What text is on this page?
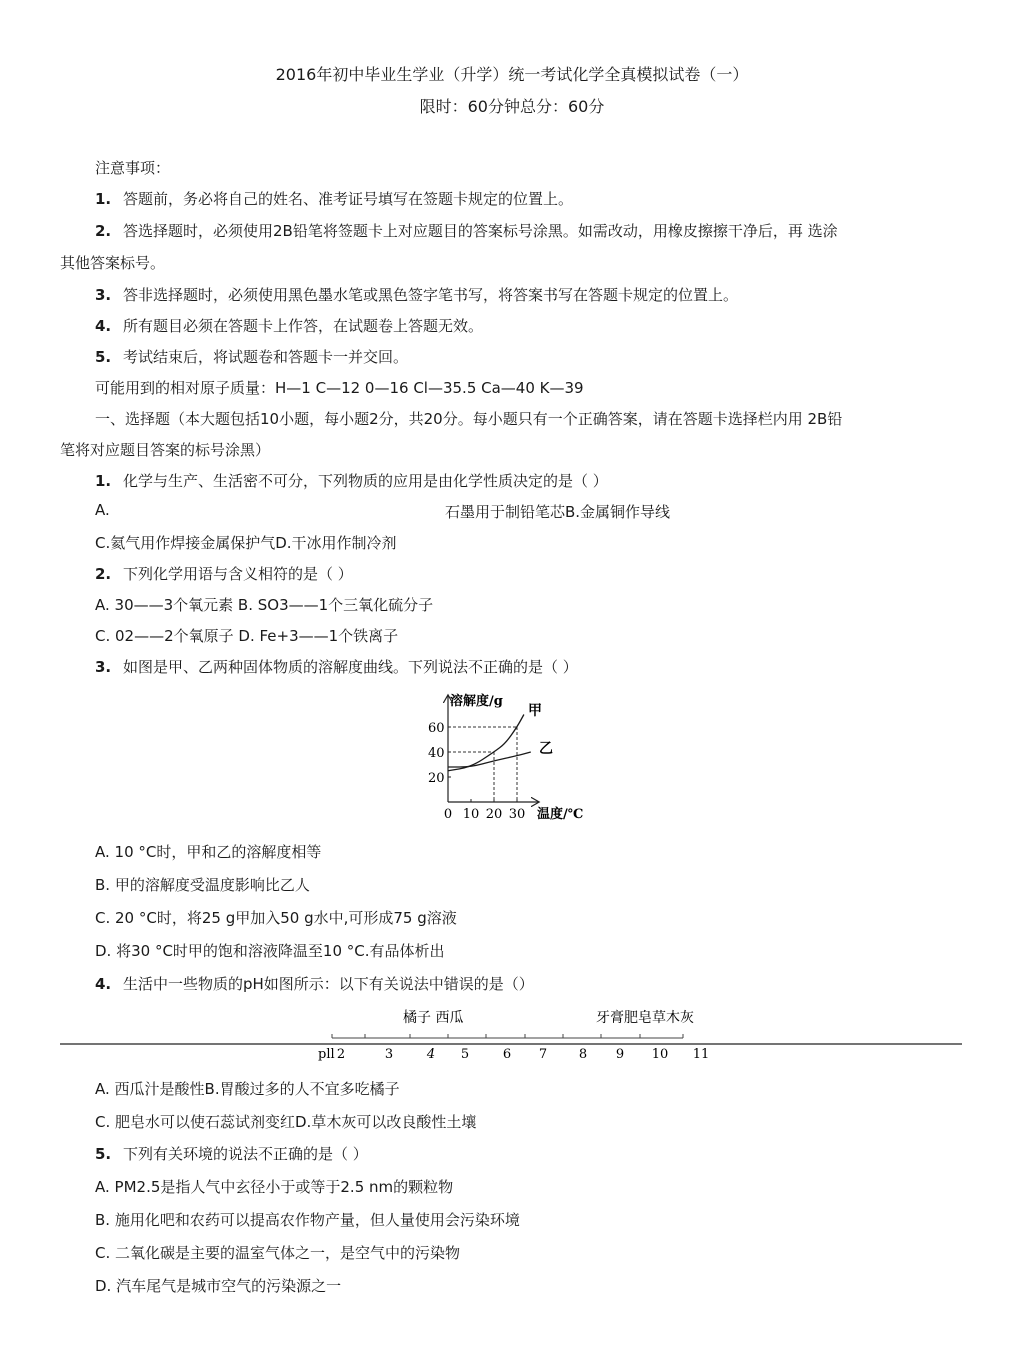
2016年初中毕业生学业（升学）统一考试化学全真模拟试卷（一）
限时：60分钟总分：60分
注意事项：
1. 答题前，务必将自己的姓名、准考证号填写在签题卡规定的位置上。
2. 答选择题时，必须使用2B铅笔将签题卡上对应题目的答案标号涂黑。如需改动，用橡皮擦擦干净后，再 选涂
其他答案标号。
3. 答非选择题时，必须使用黑色墨水笔或黑色签字笔书写，将答案书写在答题卡规定的位置上。
4. 所有题目必须在答题卡上作答，在试题卷上答题无效。
5. 考试结束后，将试题卷和答题卡一并交回。
可能用到的相对原子质量：H—1 C—12 0—16 Cl—35.5 Ca—40 K—39
一、选择题（本大题包括10小题，每小题2分，共20分。每小题只有一个正确答案，请在答题卡选择栏内用 2B铅
笔将对应题目答案的标号涂黑）
1. 化学与生产、生活密不可分，下列物质的应用是由化学性质决定的是（ ）
A.	石墨用于制铅笔芯B.金属铜作导线
C.氦气用作焊接金属保护气D.干冰用作制冷剂
2. 下列化学用语与含义相符的是（ ）
A. 30——3个氧元素 B. SO3——1个三氧化硫分子
C. 02——2个氧原子 D. Fe+3——1个铁离子
3. 如图是甲、乙两种固体物质的溶解度曲线。下列说法不正确的是（ ）
20
40
60
0 10 20 30
溶解度/g
温度/℃
甲
乙
A. 10 °C时，甲和乙的溶解度相等
B. 甲的溶解度受温度影响比乙人
C. 20 °C时，将25 g甲加入50 g水中,可形成75 g溶液
D. 将30 °C时甲的饱和溶液降温至10 °C.有品体析出
4. 生活中一些物质的pH如图所示：以下有关说法中错误的是（）
橘子 西瓜	牙膏肥皂草木灰
pll 2	3	4 5	6 7 8 9 10 11
A. 西瓜汁是酸性B.胃酸过多的人不宜多吃橘子
C. 肥皂水可以使石蕊试剂变红D.草木灰可以改良酸性土壤
5. 下列有关环境的说法不正确的是（ ）
A. PM2.5是指人气中玄径小于或等于2.5 nm的颗粒物
B. 施用化吧和农药可以提高农作物产量，但人量使用会污染环境
C. 二氧化碳是主要的温室气体之一，是空气中的污染物
D. 汽车尾气是城市空气的污染源之一
